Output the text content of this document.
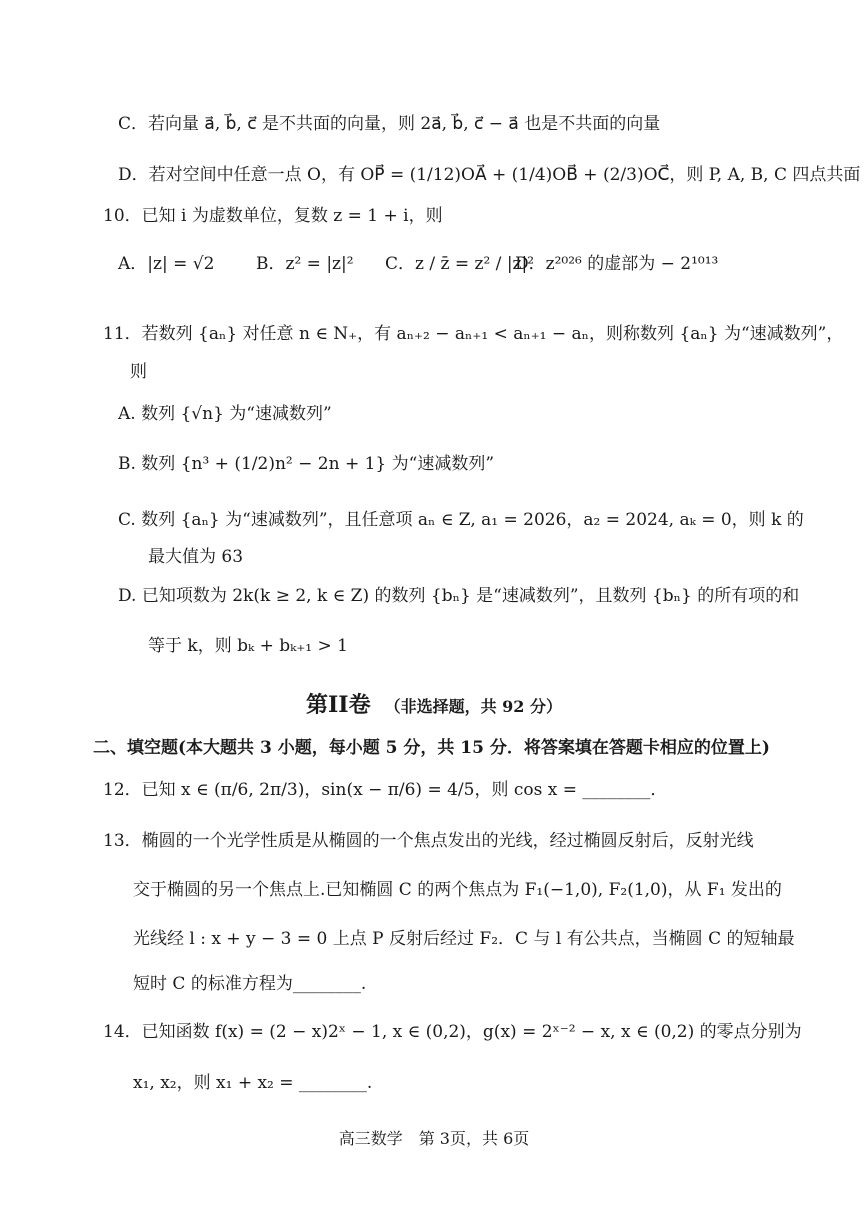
C．若向量 a⃗, b⃗, c⃗ 是不共面的向量，则 2a⃗, b⃗, c⃗ − a⃗ 也是不共面的向量
D．若对空间中任意一点 O，有 OP⃗ = (1/12)OA⃗ + (1/4)OB⃗ + (2/3)OC⃗，则 P, A, B, C 四点共面
10．已知 i 为虚数单位，复数 z = 1 + i，则
A．|z| = √2 B．z² = |z|² C．z / z̄ = z² / |z|²
D．z²⁰²⁶ 的虚部为 − 2¹⁰¹³
11．若数列 {aₙ} 对任意 n ∈ N₊，有 aₙ₊₂ − aₙ₊₁ < aₙ₊₁ − aₙ，则称数列 {aₙ} 为“速减数列”，
则
A. 数列 {√n} 为“速减数列”
B. 数列 {n³ + (1/2)n² − 2n + 1} 为“速减数列”
C. 数列 {aₙ} 为“速减数列”，且任意项 aₙ ∈ Z, a₁ = 2026，a₂ = 2024, aₖ = 0，则 k 的
最大值为 63
D. 已知项数为 2k(k ≥ 2, k ∈ Z) 的数列 {bₙ} 是“速减数列”，且数列 {bₙ} 的所有项的和
等于 k，则 bₖ + bₖ₊₁ > 1
第II卷 （非选择题，共 92 分）
二、填空题(本大题共 3 小题，每小题 5 分，共 15 分．将答案填在答题卡相应的位置上)
12．已知 x ∈ (π/6, 2π/3)，sin(x − π/6) = 4/5，则 cos x = ________．
13．椭圆的一个光学性质是从椭圆的一个焦点发出的光线，经过椭圆反射后，反射光线
交于椭圆的另一个焦点上.已知椭圆 C 的两个焦点为 F₁(−1,0), F₂(1,0)，从 F₁ 发出的
光线经 l : x + y − 3 = 0 上点 P 反射后经过 F₂．C 与 l 有公共点，当椭圆 C 的短轴最
短时 C 的标准方程为________.
14．已知函数 f(x) = (2 − x)2ˣ − 1, x ∈ (0,2)，g(x) = 2ˣ⁻² − x, x ∈ (0,2) 的零点分别为
x₁, x₂，则 x₁ + x₂ = ________.
高三数学　第 3页，共 6页
